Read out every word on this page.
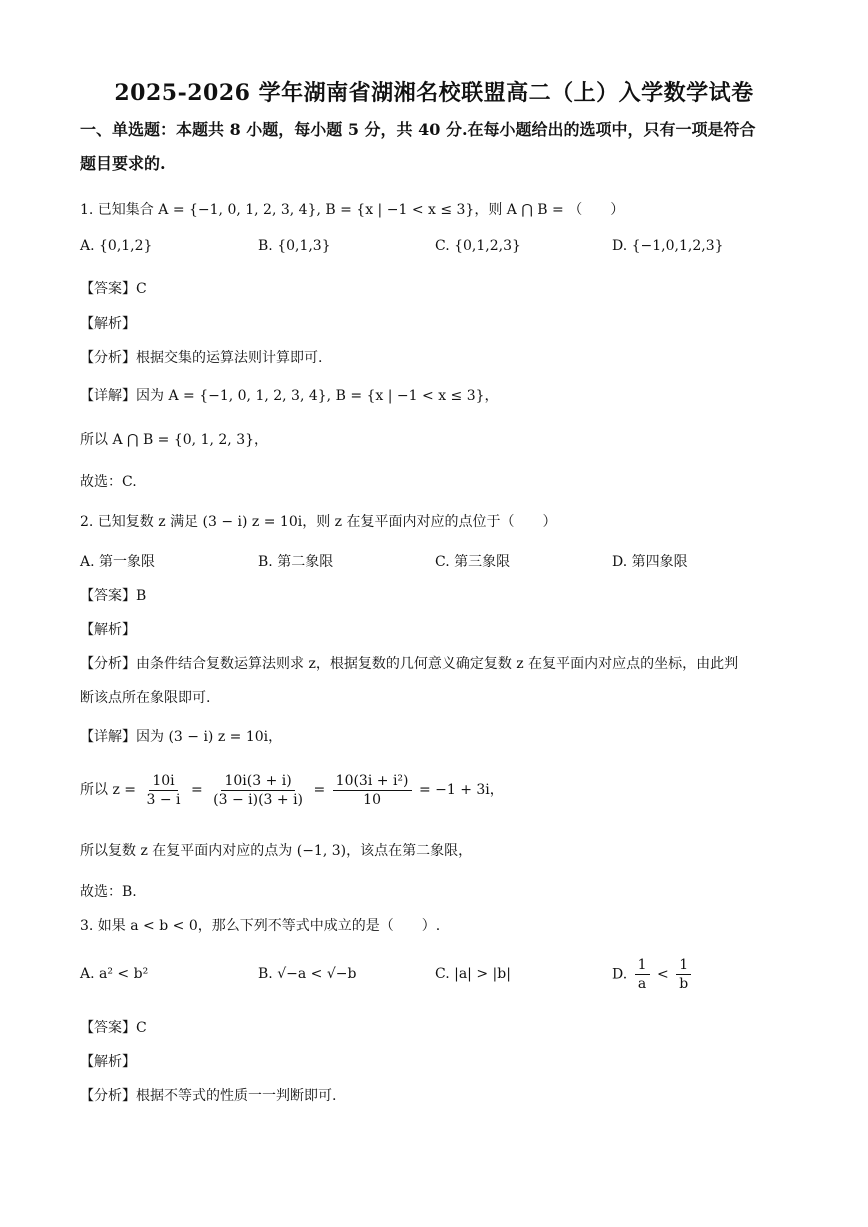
2025-2026 学年湖南省湖湘名校联盟高二（上）入学数学试卷
一、单选题：本题共 8 小题，每小题 5 分，共 40 分.在每小题给出的选项中，只有一项是符合
题目要求的.
1. 已知集合 A = {−1, 0, 1, 2, 3, 4}, B = {x | −1 < x ≤ 3}，则 A ⋂ B = （　　）
A. {0,1,2}	B. {0,1,3}	C. {0,1,2,3}	D. {−1,0,1,2,3}
【答案】C
【解析】
【分析】根据交集的运算法则计算即可.
【详解】因为 A = {−1, 0, 1, 2, 3, 4}, B = {x | −1 < x ≤ 3}，
所以 A ⋂ B = {0, 1, 2, 3}，
故选：C.
2. 已知复数 z 满足 (3 − i) z = 10i，则 z 在复平面内对应的点位于（　　）
A. 第一象限	B. 第二象限	C. 第三象限	D. 第四象限
【答案】B
【解析】
【分析】由条件结合复数运算法则求 z，根据复数的几何意义确定复数 z 在复平面内对应点的坐标，由此判
断该点所在象限即可.
【详解】因为 (3 − i) z = 10i，
所以 $z = \frac{10i}{3 - i} = \frac{10i(3 + i)}{(3 - i)(3 + i)} = \frac{\text{10(3i + i²)}}{10} = -1 + 3i$，
所以复数 z 在复平面内对应的点为 (−1, 3)，该点在第二象限，
故选：B.
3. 如果 a < b < 0，那么下列不等式中成立的是（　　）.
A. a² < b²	B. √−a < √−b	C. |a| > |b|	D. $\frac{1}{a} < \frac{1}{b}$
【答案】C
【解析】
【分析】根据不等式的性质一一判断即可.
